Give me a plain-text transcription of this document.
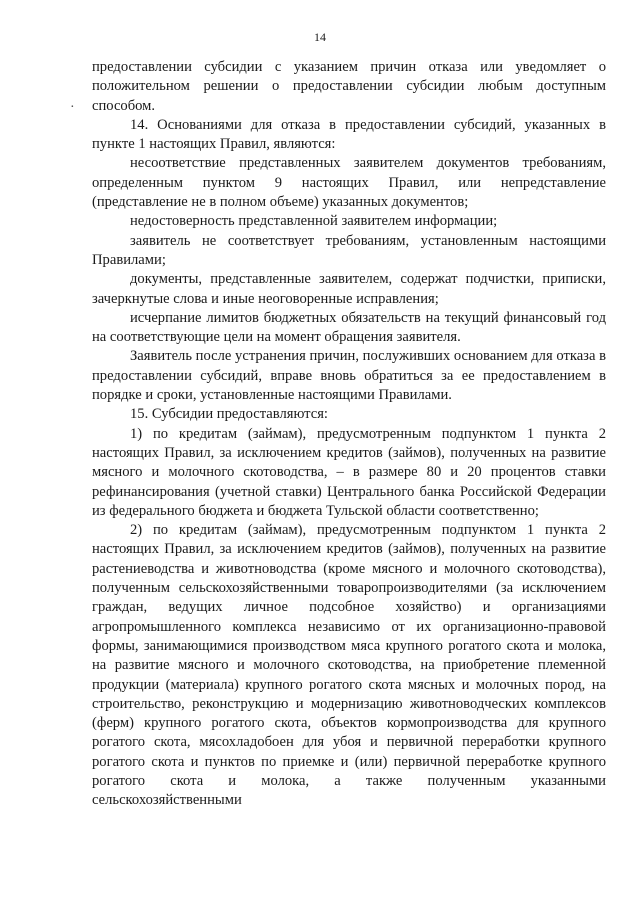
14
·

предоставлении субсидии с указанием причин отказа или уведомляет о положительном решении о предоставлении субсидии любым доступным способом.

14. Основаниями для отказа в предоставлении субсидий, указанных в пункте 1 настоящих Правил, являются:

несоответствие представленных заявителем документов требованиям, определенным пунктом 9 настоящих Правил, или непредставление (представление не в полном объеме) указанных документов;

недостоверность представленной заявителем информации;

заявитель не соответствует требованиям, установленным настоящими Правилами;

документы, представленные заявителем, содержат подчистки, приписки, зачеркнутые слова и иные неоговоренные исправления;

исчерпание лимитов бюджетных обязательств на текущий финансовый год на соответствующие цели на момент обращения заявителя.

Заявитель после устранения причин, послуживших основанием для отказа в предоставлении субсидий, вправе вновь обратиться за ее предоставлением в порядке и сроки, установленные настоящими Правилами.

15. Субсидии предоставляются:

1) по кредитам (займам), предусмотренным подпунктом 1 пункта 2 настоящих Правил, за исключением кредитов (займов), полученных на развитие мясного и молочного скотоводства, – в размере 80 и 20 процентов ставки рефинансирования (учетной ставки) Центрального банка Российской Федерации из федерального бюджета и бюджета Тульской области соответственно;

2) по кредитам (займам), предусмотренным подпунктом 1 пункта 2 настоящих Правил, за исключением кредитов (займов), полученных на развитие растениеводства и животноводства (кроме мясного и молочного скотоводства), полученным сельскохозяйственными товаропроизводителями (за исключением граждан, ведущих личное подсобное хозяйство) и организациями агропромышленного комплекса независимо от их организационно-правовой формы, занимающимися производством мяса крупного рогатого скота и молока, на развитие мясного и молочного скотоводства, на приобретение племенной продукции (материала) крупного рогатого скота мясных и молочных пород, на строительство, реконструкцию и модернизацию животноводческих комплексов (ферм) крупного рогатого скота, объектов кормопроизводства для крупного рогатого скота, мясохладобоен для убоя и первичной переработки крупного рогатого скота и пунктов по приемке и (или) первичной переработке крупного рогатого скота и молока, а также полученным указанными сельскохозяйственными
